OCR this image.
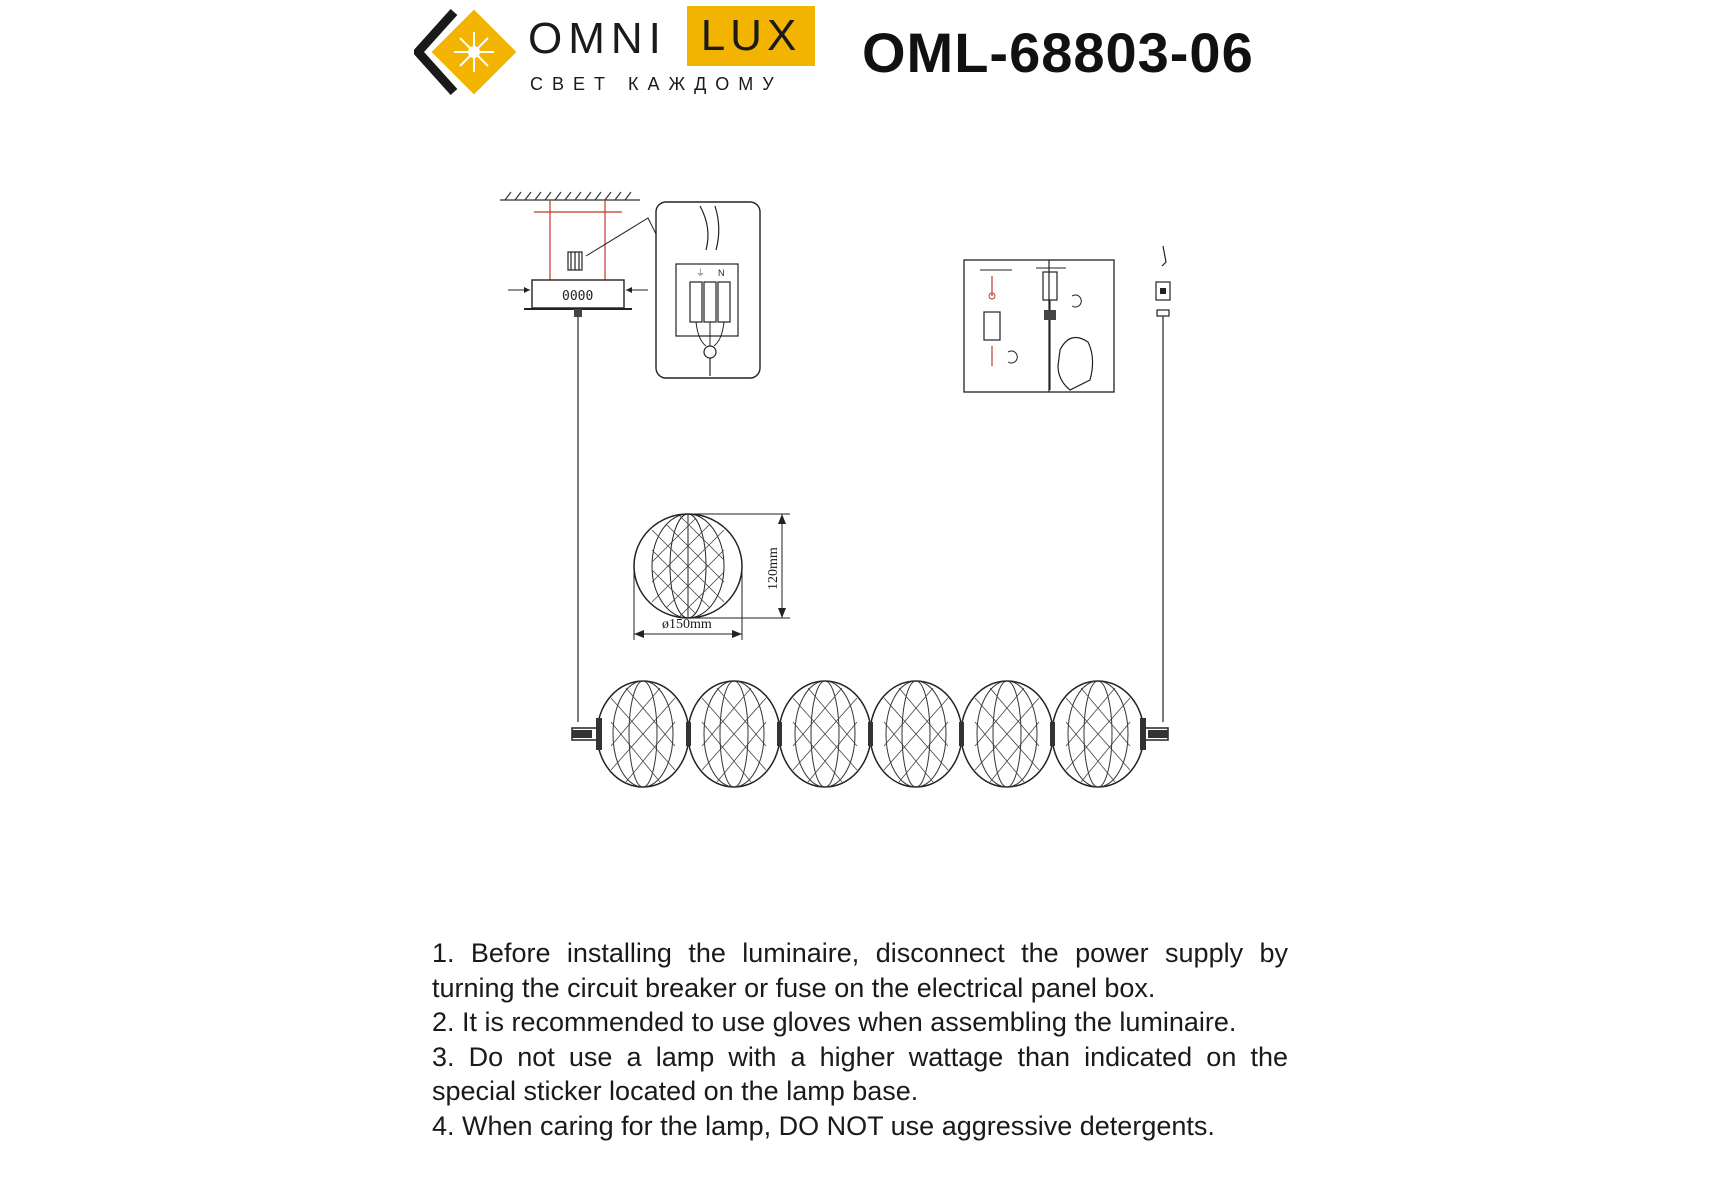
OMNI LUX
СВЕТ КАЖДОМУ OML-68803-06
0000
⏚ N
120mm
ø150mm

1. Before installing the luminaire, disconnect the power supply by turning the circuit breaker or fuse on the electrical panel box.

2. It is recommended to use gloves when assembling the luminaire.

3. Do not use a lamp with a higher wattage than indicated on the special sticker located on the lamp base.

4. When caring for the lamp, DO NOT use aggressive detergents.
